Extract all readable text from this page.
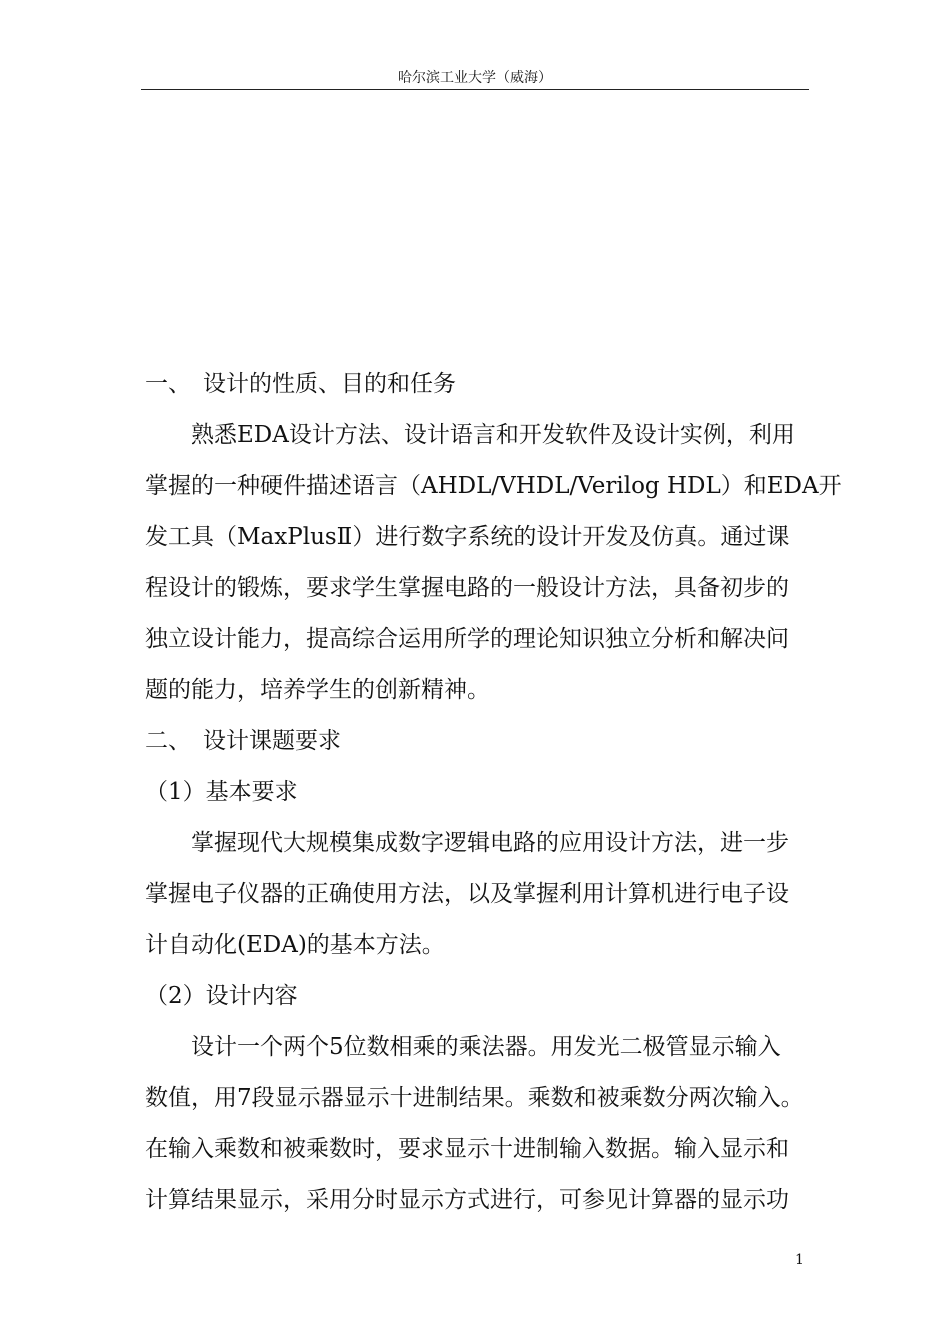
哈尔滨工业大学（威海）
一、 设计的性质、目的和任务
熟悉EDA设计方法、设计语言和开发软件及设计实例，利用
掌握的一种硬件描述语言（AHDL/VHDL/Verilog HDL）和EDA开
发工具（MaxPlusⅡ）进行数字系统的设计开发及仿真。通过课
程设计的锻炼，要求学生掌握电路的一般设计方法，具备初步的
独立设计能力，提高综合运用所学的理论知识独立分析和解决问
题的能力，培养学生的创新精神。
二、 设计课题要求
（1）基本要求
掌握现代大规模集成数字逻辑电路的应用设计方法，进一步
掌握电子仪器的正确使用方法，以及掌握利用计算机进行电子设
计自动化(EDA)的基本方法。
（2）设计内容
设计一个两个5位数相乘的乘法器。用发光二极管显示输入
数值，用7段显示器显示十进制结果。乘数和被乘数分两次输入。
在输入乘数和被乘数时，要求显示十进制输入数据。输入显示和
计算结果显示，采用分时显示方式进行，可参见计算器的显示功
1
